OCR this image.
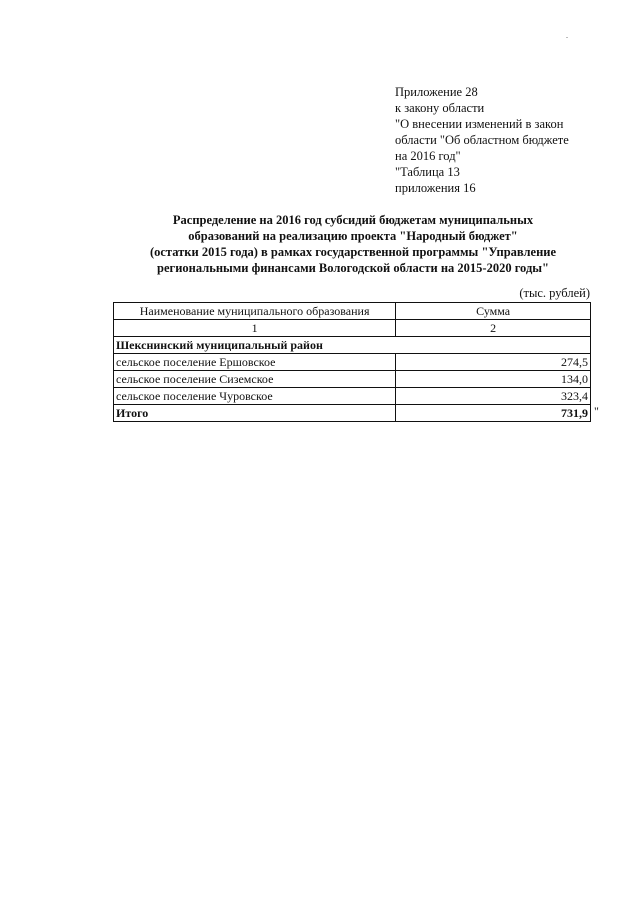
Приложение 28
к закону области
"О внесении изменений в закон
области "Об областном бюджете
на 2016 год"
"Таблица 13
приложения 16
Распределение на 2016 год субсидий бюджетам муниципальных
образований на реализацию проекта "Народный бюджет"
(остатки 2015 года) в рамках государственной программы "Управление
региональными финансами Вологодской области на 2015-2020 годы"
(тыс. рублей)
Наименование муниципального образования	Сумма
1	2
Шекснинский муниципальный район	
сельское поселение Ершовское	274,5
сельское поселение Сиземское	134,0
сельское поселение Чуровское	323,4
Итого	731,9 "
